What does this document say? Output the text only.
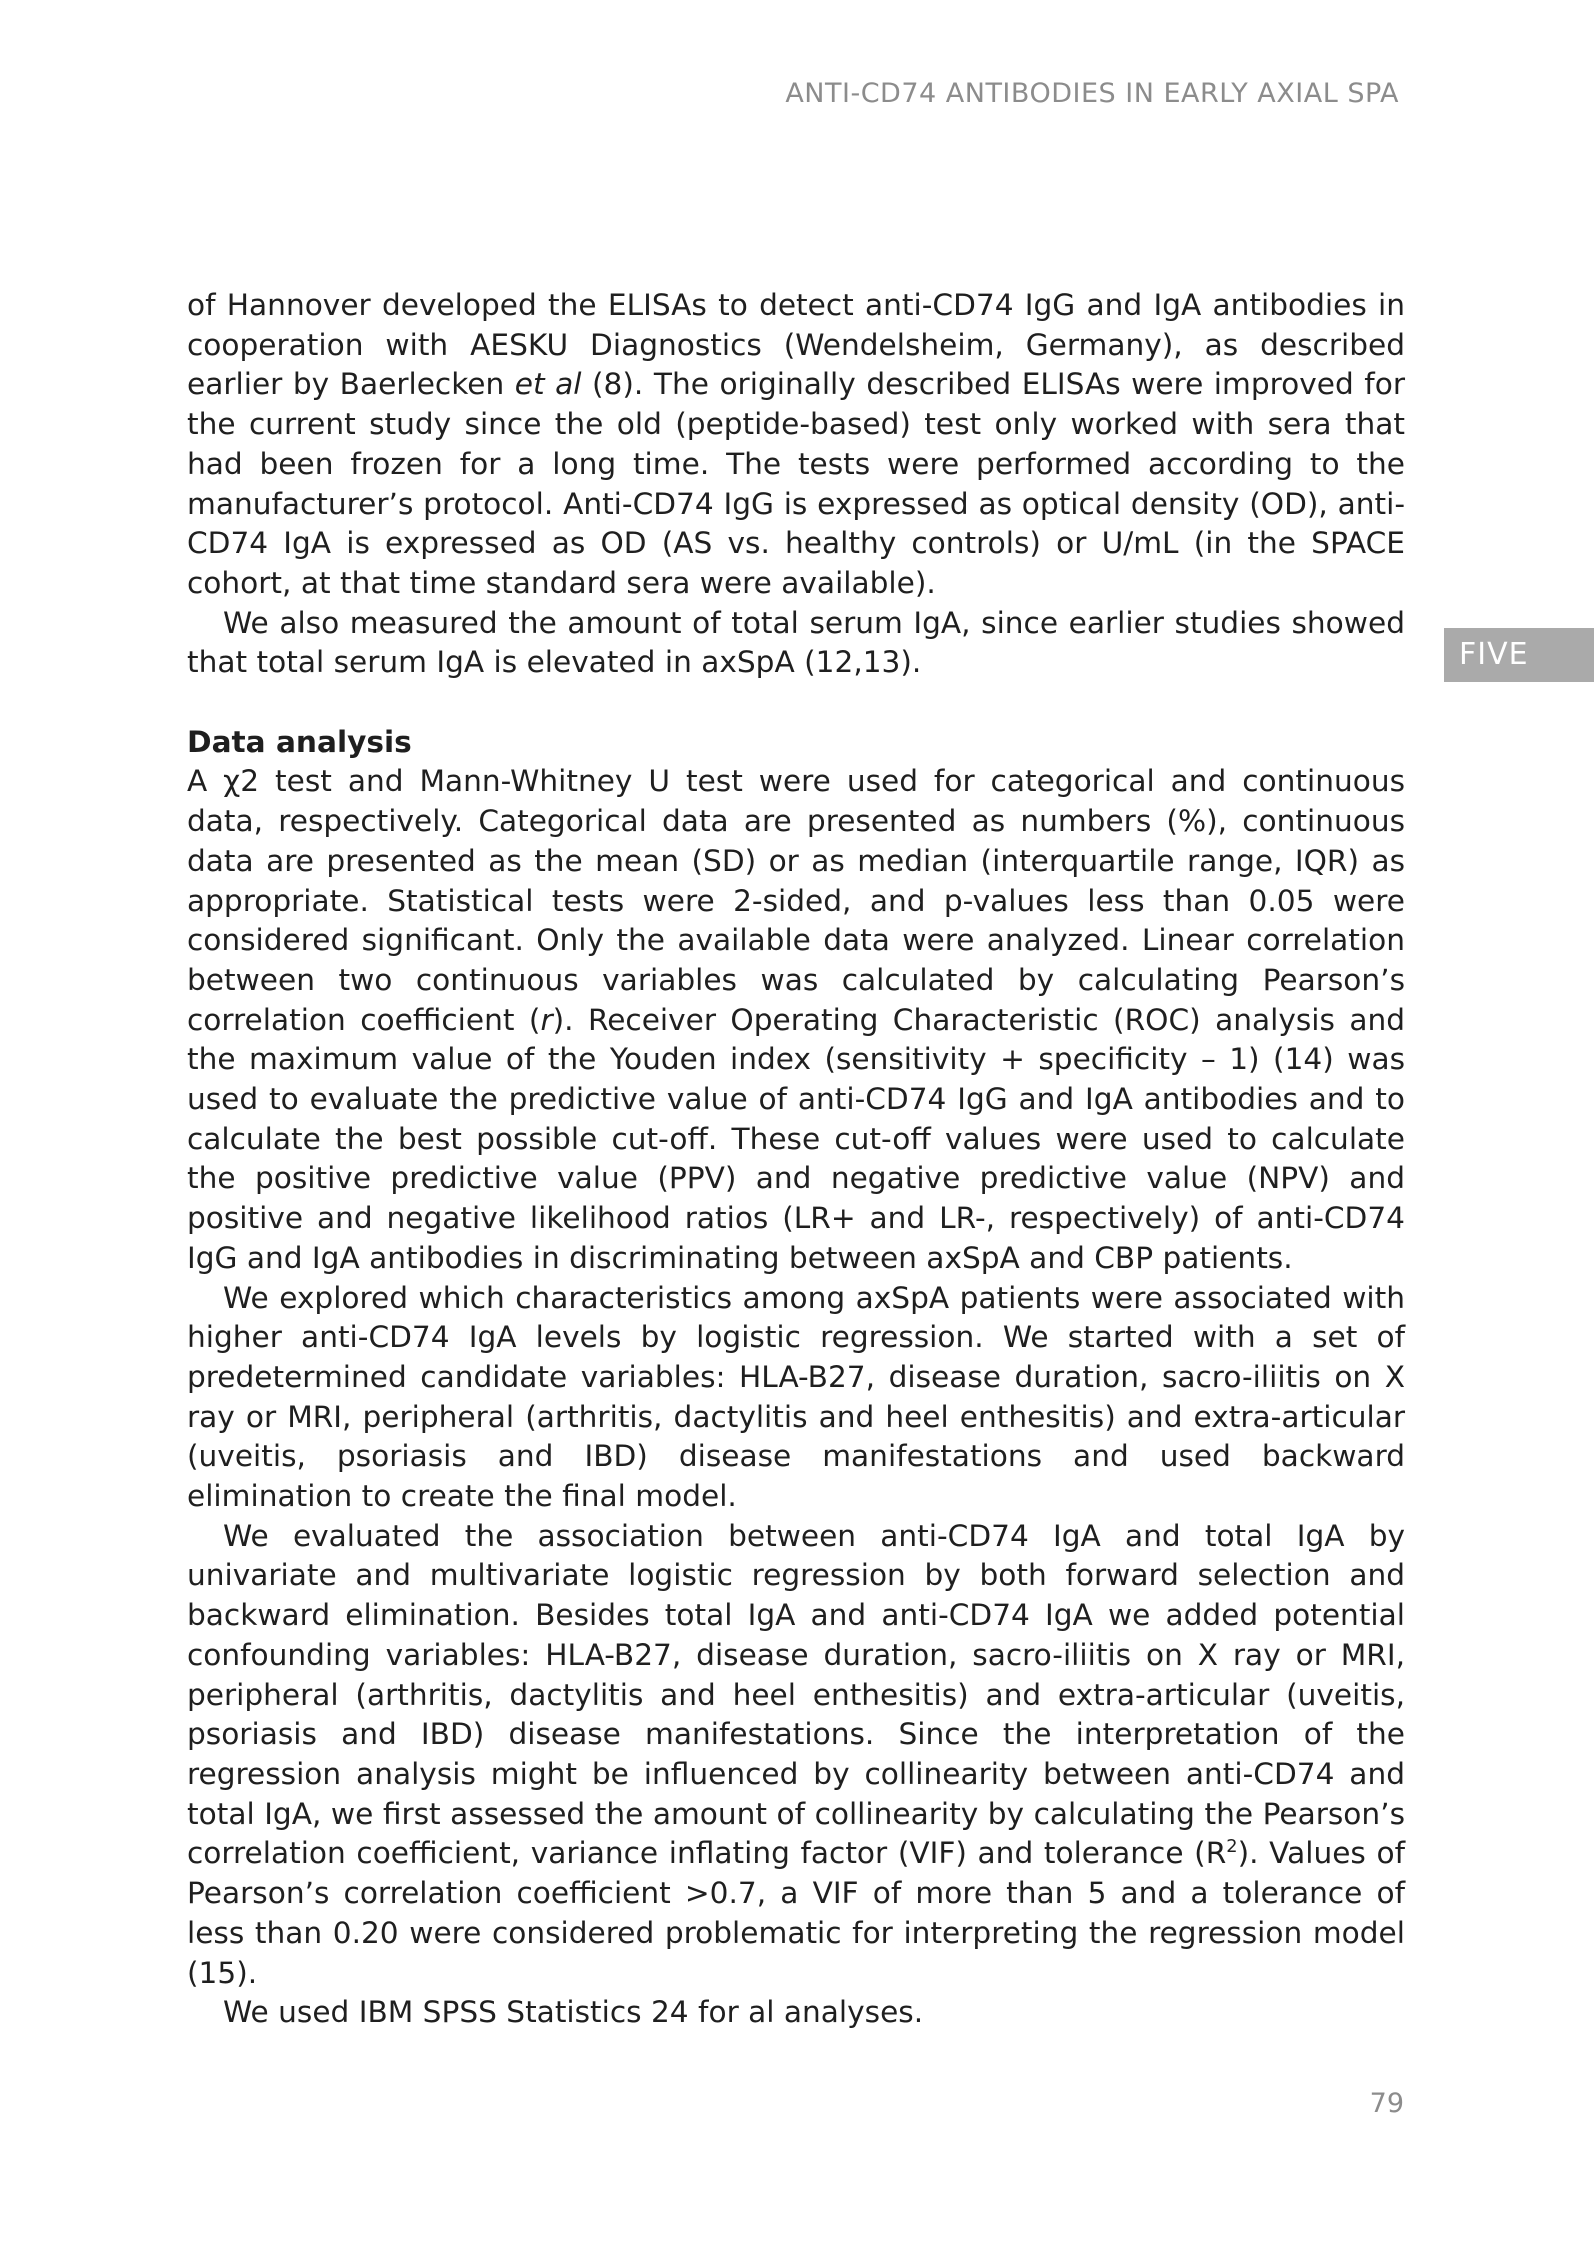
ANTI-CD74 ANTIBODIES IN EARLY AXIAL SPA
FIVE

of Hannover developed the ELISAs to detect anti-CD74 IgG and IgA antibodies in cooperation with AESKU Diagnostics (Wendelsheim, Germany), as described earlier by Baerlecken et al (8). The originally described ELISAs were improved for the current study since the old (peptide-based) test only worked with sera that had been frozen for a long time. The tests were performed according to the manufacturer’s protocol. Anti-CD74 IgG is expressed as optical density (OD), anti-CD74 IgA is expressed as OD (AS vs. healthy controls) or U/mL (in the SPACE cohort, at that time standard sera were available).

We also measured the amount of total serum IgA, since earlier studies showed that total serum IgA is elevated in axSpA (12,13).

Data analysis

A χ2 test and Mann-Whitney U test were used for categorical and continuous data, respectively. Categorical data are presented as numbers (%), continuous data are presented as the mean (SD) or as median (interquartile range, IQR) as appropriate. Statistical tests were 2-sided, and p-values less than 0.05 were considered significant. Only the available data were analyzed. Linear correlation between two continuous variables was calculated by calculating Pearson’s correlation coefficient (r). Receiver Operating Characteristic (ROC) analysis and the maximum value of the Youden index (sensitivity + specificity – 1) (14) was used to evaluate the predictive value of anti-CD74 IgG and IgA antibodies and to calculate the best possible cut-off. These cut-off values were used to calculate the positive predictive value (PPV) and negative predictive value (NPV) and positive and negative likelihood ratios (LR+ and LR-, respectively) of anti-CD74 IgG and IgA antibodies in discriminating between axSpA and CBP patients.

We explored which characteristics among axSpA patients were associated with higher anti-CD74 IgA levels by logistic regression. We started with a set of predetermined candidate variables: HLA-B27, disease duration, sacro-iliitis on X ray or MRI, peripheral (arthritis, dactylitis and heel enthesitis) and extra-articular (uveitis, psoriasis and IBD) disease manifestations and used backward elimination to create the final model.

We evaluated the association between anti-CD74 IgA and total IgA by univariate and multivariate logistic regression by both forward selection and backward elimination. Besides total IgA and anti-CD74 IgA we added potential confounding variables: HLA-B27, disease duration, sacro-iliitis on X ray or MRI, peripheral (arthritis, dactylitis and heel enthesitis) and extra-articular (uveitis, psoriasis and IBD) disease manifestations. Since the interpretation of the regression analysis might be influenced by collinearity between anti-CD74 and total IgA, we first assessed the amount of collinearity by calculating the Pearson’s correlation coefficient, variance inflating factor (VIF) and tolerance $(R^2)$. Values of Pearson’s correlation coefficient >0.7, a VIF of more than 5 and a tolerance of less than 0.20 were considered problematic for interpreting the regression model (15).

We used IBM SPSS Statistics 24 for al analyses.

79
